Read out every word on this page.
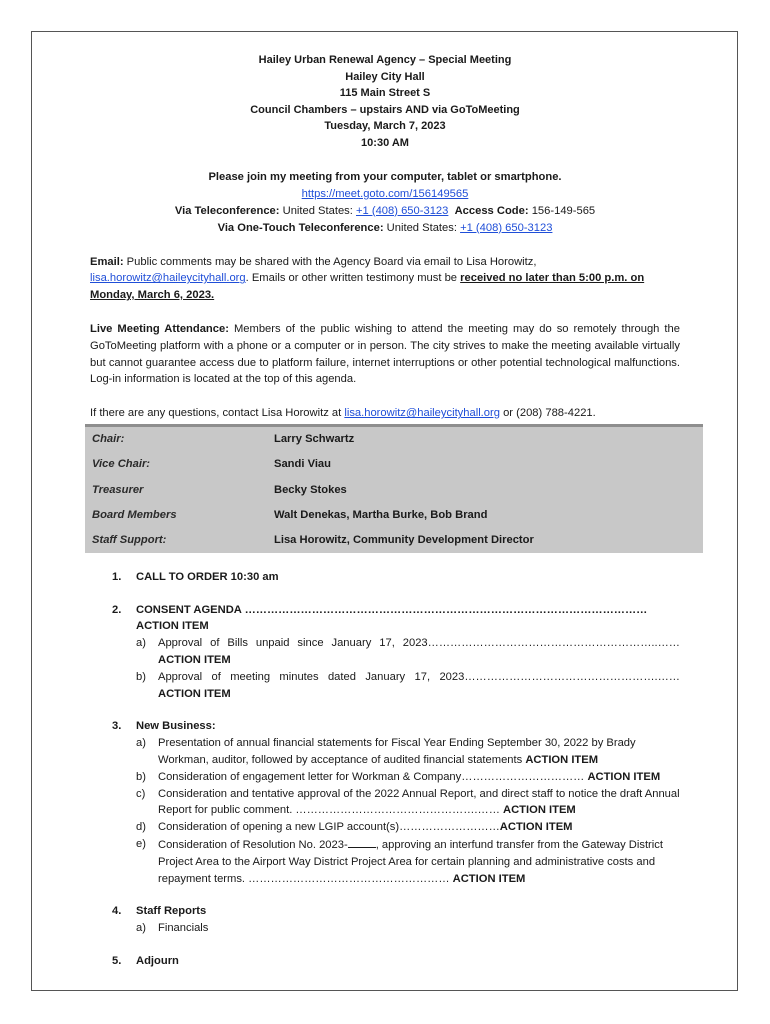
Hailey Urban Renewal Agency – Special Meeting
Hailey City Hall
115 Main Street S
Council Chambers – upstairs AND via GoToMeeting
Tuesday, March 7, 2023
10:30 AM
Please join my meeting from your computer, tablet or smartphone.
https://meet.goto.com/156149565
Via Teleconference: United States: +1 (408) 650-3123 Access Code: 156-149-565
Via One-Touch Teleconference: United States: +1 (408) 650-3123

Email: Public comments may be shared with the Agency Board via email to Lisa Horowitz, lisa.horowitz@haileycityhall.org. Emails or other written testimony must be received no later than 5:00 p.m. on Monday, March 6, 2023.

Live Meeting Attendance: Members of the public wishing to attend the meeting may do so remotely through the GoToMeeting platform with a phone or a computer or in person. The city strives to make the meeting available virtually but cannot guarantee access due to platform failure, internet interruptions or other potential technological malfunctions. Log-in information is located at the top of this agenda.

If there are any questions, contact Lisa Horowitz at lisa.horowitz@haileycityhall.org or (208) 788-4221.

Chair:	Larry Schwartz
Vice Chair:	Sandi Viau
Treasurer	Becky Stokes
Board Members	Walt Denekas, Martha Burke, Bob Brand
Staff Support:	Lisa Horowitz, Community Development Director
1.	CALL TO ORDER 10:30 am
2.	CONSENT AGENDA ……………………………………………………………………………………………… ACTION ITEM
a)	Approval of Bills unpaid since January 17, 2023……………………………………………………..…… ACTION ITEM
b)	Approval of meeting minutes dated January 17, 2023…………………………………………….…… ACTION ITEM
3.	New Business:
a)	Presentation of annual financial statements for Fiscal Year Ending September 30, 2022 by Brady Workman, auditor, followed by acceptance of audited financial statements ACTION ITEM
b)	Consideration of engagement letter for Workman & Company…………………………… ACTION ITEM
c)	Consideration and tentative approval of the 2022 Annual Report, and direct staff to notice the draft Annual Report for public comment. ………………………………………….…… ACTION ITEM
d)	Consideration of opening a new LGIP account(s)………………………ACTION ITEM
e)	Consideration of Resolution No. 2023-	, approving an interfund transfer from the Gateway District Project Area to the Airport Way District Project Area for certain planning and administrative costs and repayment terms. ……………………………………………… ACTION ITEM
4.	Staff Reports
a)	Financials
5.	Adjourn
